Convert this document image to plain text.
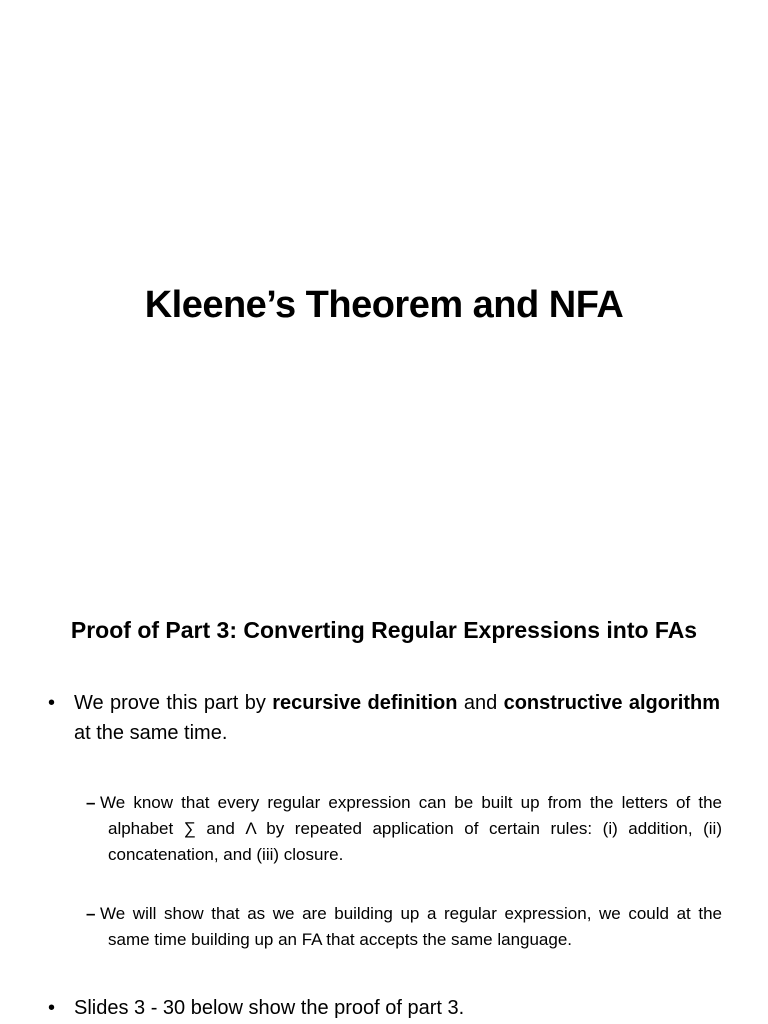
Kleene’s Theorem and NFA
Proof of Part 3: Converting Regular Expressions into FAs
• We prove this part by recursive definition and constructive algorithm at the same time.
– We know that every regular expression can be built up from the letters of the alphabet ∑ and Λ by repeated application of certain rules: (i) addition, (ii) concatenation, and (iii) closure.
– We will show that as we are building up a regular expression, we could at the same time building up an FA that accepts the same language.
• Slides 3 - 30 below show the proof of part 3.
